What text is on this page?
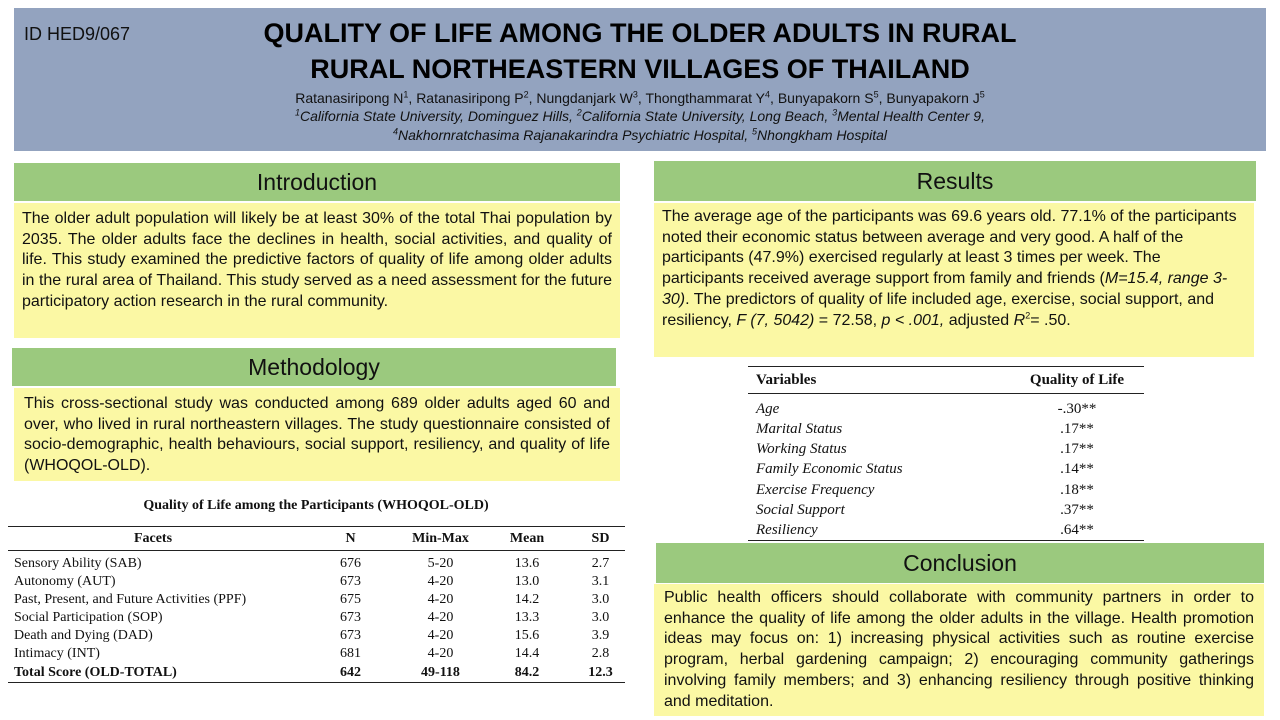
ID HED9/067	QUALITY OF LIFE AMONG THE OLDER ADULTS IN RURAL
RURAL NORTHEASTERN VILLAGES OF THAILAND
Ratanasiripong $N^1$, Ratanasiripong $P^2$, Nungdanjark $W^3$, Thongthammarat $Y^4$, Bunyapakorn $S^5$, Bunyapakorn $J^5$
$^1$California State University, Dominguez Hills, $^2$California State University, Long Beach, $^3$Mental Health Center 9,
$^4$Nakhornratchasima Rajanakarindra Psychiatric Hospital, $^5$Nhongkham Hospital
Introduction
The older adult population will likely be at least 30% of the total Thai population by 2035. The older adults face the declines in health, social activities, and quality of life. This study examined the predictive factors of quality of life among older adults in the rural area of Thailand. This study served as a need assessment for the future participatory action research in the rural community.
Methodology
This cross-sectional study was conducted among 689 older adults aged 60 and over, who lived in rural northeastern villages. The study questionnaire consisted of socio-demographic, health behaviours, social support, resiliency, and quality of life (WHOQOL-OLD).
Quality of Life among the Participants (WHOQOL-OLD)
Facets	N	Min-Max	Mean	SD
Sensory Ability (SAB)	676	5-20	13.6	2.7
Autonomy (AUT)	673	4-20	13.0	3.1
Past, Present, and Future Activities (PPF)	675	4-20	14.2	3.0
Social Participation (SOP)	673	4-20	13.3	3.0
Death and Dying (DAD)	673	4-20	15.6	3.9
Intimacy (INT)	681	4-20	14.4	2.8
Total Score (OLD-TOTAL)	642	49-118	84.2	12.3
Results
The average age of the participants was 69.6 years old. 77.1% of the participants noted their economic status between average and very good. A half of the participants (47.9%) exercised regularly at least 3 times per week. The participants received average support from family and friends (M=15.4, range 3-30). The predictors of quality of life included age, exercise, social support, and resiliency, F (7, 5042) = 72.58, p < .001, adjusted $R^2= .50$.
Variables	Quality of Life
Age	-.30**
Marital Status	.17**
Working Status	.17**
Family Economic Status	.14**
Exercise Frequency	.18**
Social Support	.37**
Resiliency	.64**
Conclusion
Public health officers should collaborate with community partners in order to enhance the quality of life among the older adults in the village. Health promotion ideas may focus on: 1) increasing physical activities such as routine exercise program, herbal gardening campaign; 2) encouraging community gatherings involving family members; and 3) enhancing resiliency through positive thinking and meditation.
